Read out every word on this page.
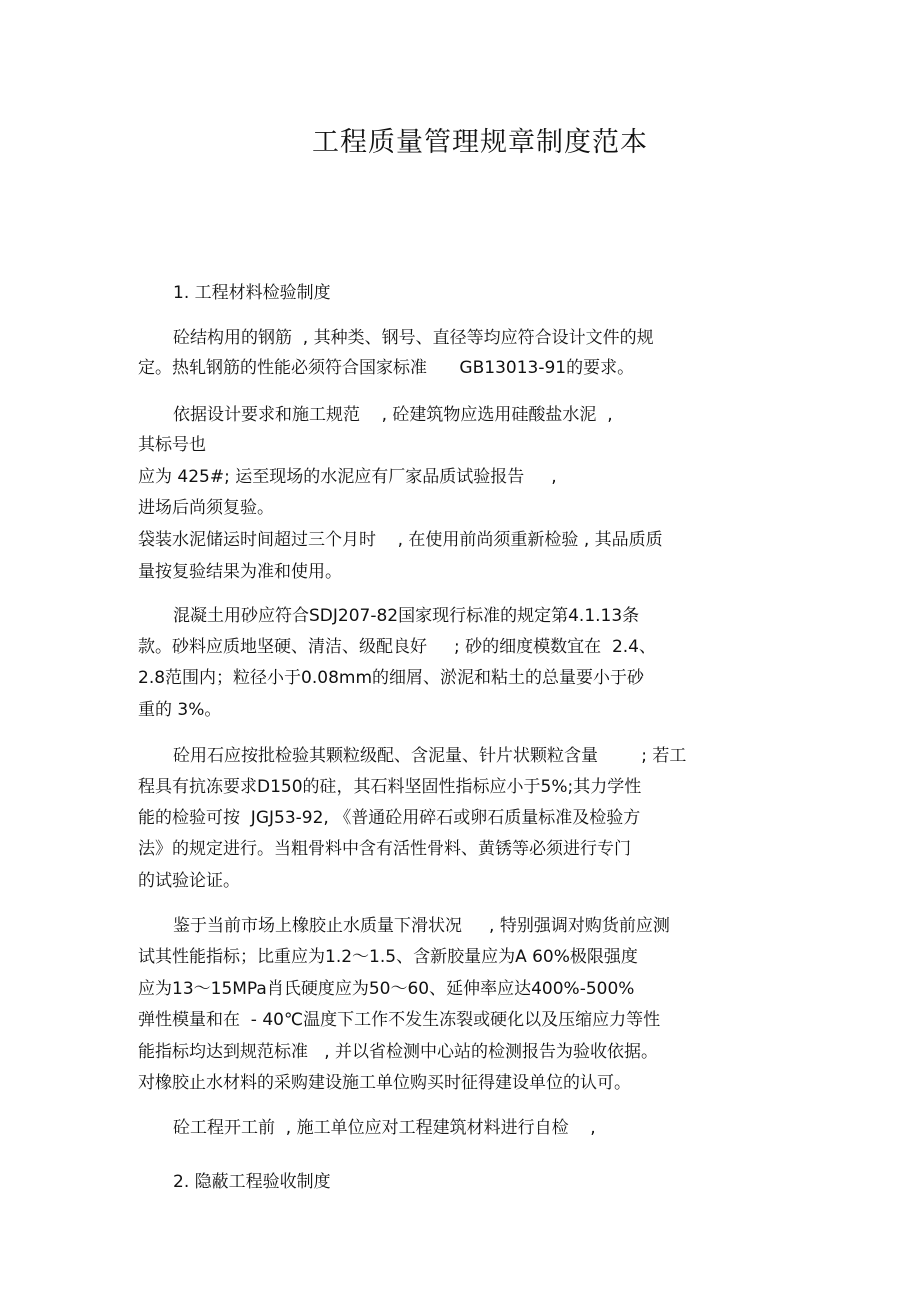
工程质量管理规章制度范本

1. 工程材料检验制度

砼结构用的钢筋  , 其种类、钢号、直径等均应符合设计文件的规

定。热轧钢筋的性能必须符合国家标准      GB13013-91的要求。

依据设计要求和施工规范    , 砼建筑物应选用硅酸盐水泥  ,

其标号也

应为 425#; 运至现场的水泥应有厂家品质试验报告     ,

进场后尚须复验。

袋装水泥储运时间超过三个月时    , 在使用前尚须重新检验 , 其品质质

量按复验结果为准和使用。

混凝土用砂应符合SDJ207-82国家现行标准的规定第4.1.13条

款。砂料应质地坚硬、清洁、级配良好     ; 砂的细度模数宜在  2.4、

2.8范围内；粒径小于0.08mm的细屑、淤泥和粘土的总量要小于砂

重的 3%。

砼用石应按批检验其颗粒级配、含泥量、针片状颗粒含量        ; 若工

程具有抗冻要求D150的砫，其石料坚固性指标应小于5%;其力学性

能的检验可按  JGJ53-92, 《普通砼用碎石或卵石质量标准及检验方

法》的规定进行。当粗骨料中含有活性骨料、黄锈等必须进行专门

的试验论证。

鉴于当前市场上橡胶止水质量下滑状况     , 特别强调对购货前应测

试其性能指标；比重应为1.2～1.5、含新胶量应为A 60%极限强度

应为13～15MPa肖氏硬度应为50～60、延伸率应达400%-500%

弹性模量和在  - 40℃温度下工作不发生冻裂或硬化以及压缩应力等性

能指标均达到规范标准   , 并以省检测中心站的检测报告为验收依据。

对橡胶止水材料的采购建设施工单位购买时征得建设单位的认可。

砼工程开工前  , 施工单位应对工程建筑材料进行自检    ,

2. 隐蔽工程验收制度
